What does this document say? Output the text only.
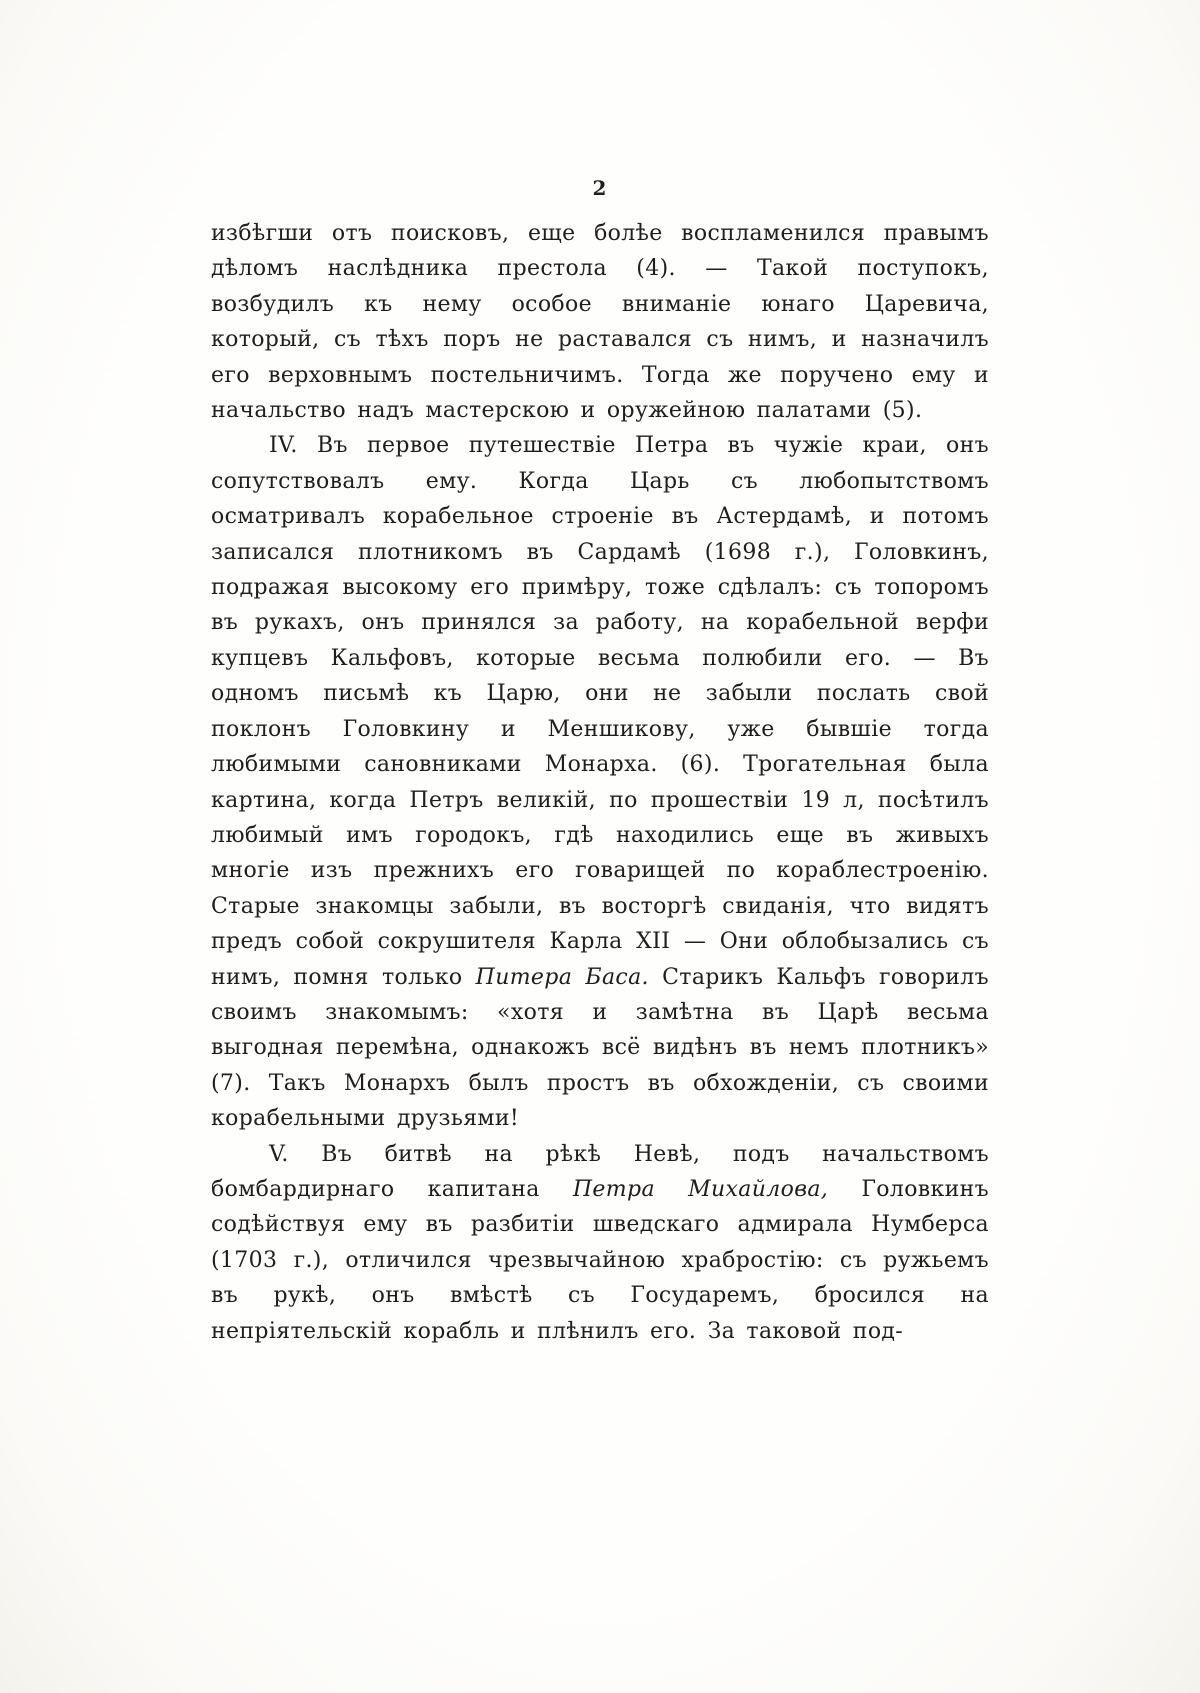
2

избѣгши отъ поисковъ, еще болѣе воспламенился правымъ дѣломъ наслѣдника престола (4). — Такой поступокъ, возбудилъ къ нему особое вниманіе юнаго Царевича, который, съ тѣхъ поръ не раставался съ нимъ, и назначилъ его верховнымъ постельничимъ. Тогда же поручено ему и начальство надъ мастерскою и оружейною палатами (5).

IV. Въ первое путешествіе Петра въ чужіе краи, онъ сопутствовалъ ему. Когда Царь съ любопытствомъ осматривалъ корабельное строеніе въ Астердамѣ, и потомъ записался плотникомъ въ Сардамѣ (1698 г.), Головкинъ, подражая высокому его примѣру, тоже сдѣлалъ: съ топоромъ въ рукахъ, онъ принялся за работу, на корабельной верфи купцевъ Кальфовъ, которые весьма полюбили его. — Въ одномъ письмѣ къ Царю, они не забыли послать свой поклонъ Головкину и Меншикову, уже бывшіе тогда любимыми сановниками Монарха. (6). Трогательная была картина, когда Петръ великій, по прошествіи 19 л, посѣтилъ любимый имъ городокъ, гдѣ находились еще въ живыхъ многіе изъ прежнихъ его говарищей по кораблестроенію. Старые знакомцы забыли, въ восторгѣ свиданія, что видятъ предъ собой сокрушителя Карла XII — Они облобызались съ нимъ, помня только Питера Баса. Старикъ Кальфъ говорилъ своимъ знакомымъ: «хотя и замѣтна въ Царѣ весьма выгодная перемѣна, однакожъ всё видѣнъ въ немъ плотникъ» (7). Такъ Монархъ былъ простъ въ обхожденіи, съ своими корабельными друзьями!

V. Въ битвѣ на рѣкѣ Невѣ, подъ начальствомъ бомбардирнаго капитана Петра Михайлова, Головкинъ содѣйствуя ему въ разбитіи шведскаго адмирала Нумберса (1703 г.), отличился чрезвычайною храбростію: съ ружьемъ въ рукѣ, онъ вмѣстѣ съ Государемъ, бросился на непріятельскій корабль и плѣнилъ его. За таковой под-
